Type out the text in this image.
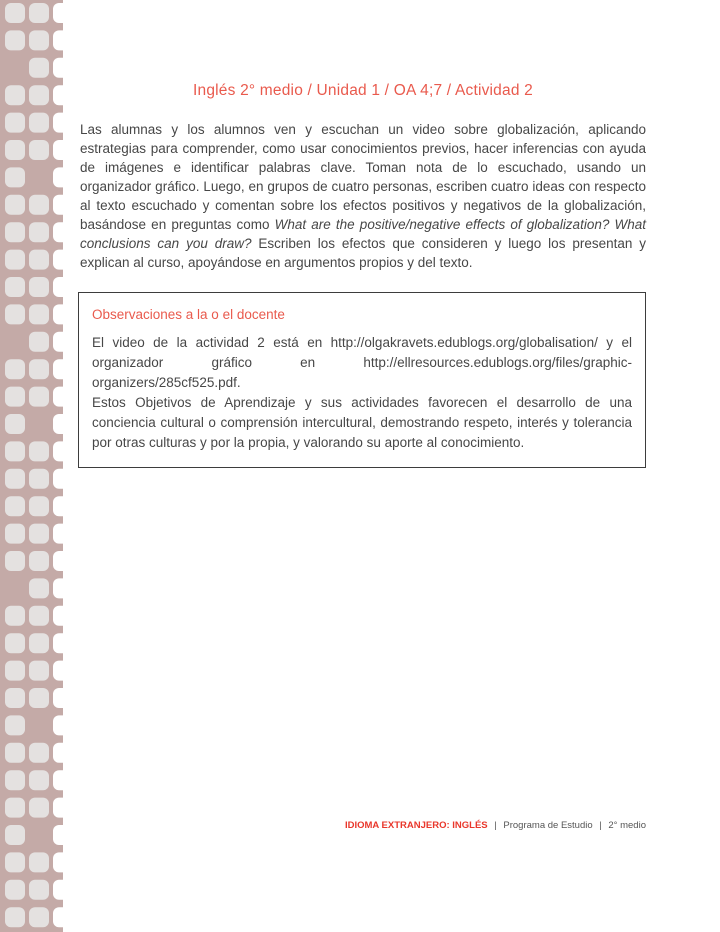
Inglés 2° medio / Unidad 1 / OA 4;7 / Actividad 2

Las alumnas y los alumnos ven y escuchan un video sobre globalización, aplicando estrategias para comprender, como usar conocimientos previos, hacer inferencias con ayuda de imágenes e identificar palabras clave. Toman nota de lo escuchado, usando un organizador gráfico. Luego, en grupos de cuatro personas, escriben cuatro ideas con respecto al texto escuchado y comentan sobre los efectos positivos y negativos de la globalización, basándose en preguntas como What are the positive/negative effects of globalization? What conclusions can you draw? Escriben los efectos que consideren y luego los presentan y explican al curso, apoyándose en argumentos propios y del texto.

Observaciones a la o el docente

El video de la actividad 2 está en http://olgakravets.edublogs.org/globalisation/ y el organizador gráfico en http://ellresources.edublogs.org/files/graphic-organizers/285cf525.pdf.

Estos Objetivos de Aprendizaje y sus actividades favorecen el desarrollo de una conciencia cultural o comprensión intercultural, demostrando respeto, interés y tolerancia por otras culturas y por la propia, y valorando su aporte al conocimiento.

IDIOMA EXTRANJERO: INGLÉS | Programa de Estudio | 2° medio
